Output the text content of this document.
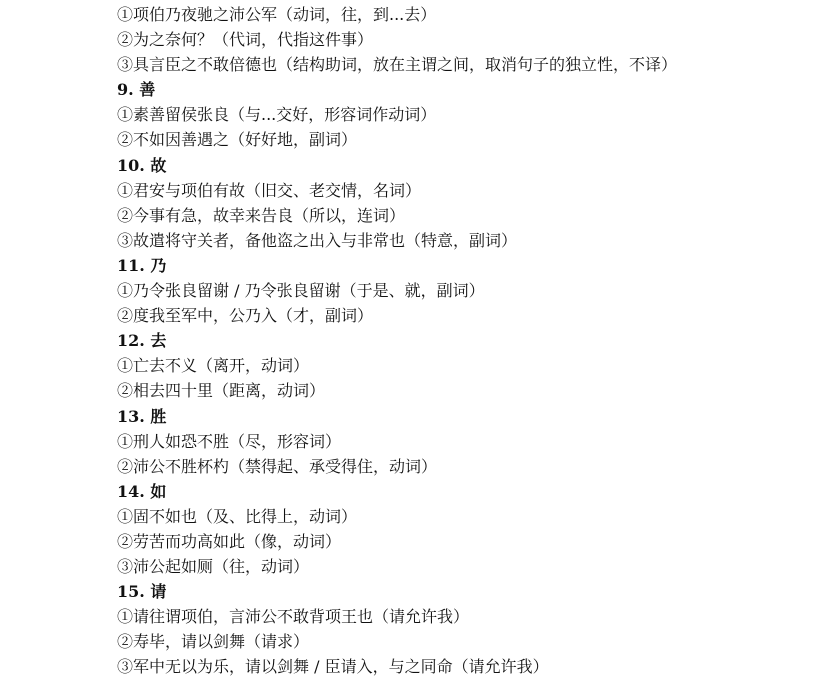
①项伯乃夜驰之沛公军（动词，往，到...去）
②为之奈何？（代词，代指这件事）
③具言臣之不敢倍德也（结构助词，放在主谓之间，取消句子的独立性，不译）
9. 善
①素善留侯张良（与...交好，形容词作动词）
②不如因善遇之（好好地，副词）
10. 故
①君安与项伯有故（旧交、老交情，名词）
②今事有急，故幸来告良（所以，连词）
③故遣将守关者，备他盗之出入与非常也（特意，副词）
11. 乃
①乃令张良留谢 / 乃令张良留谢（于是、就，副词）
②度我至军中，公乃入（才，副词）
12. 去
①亡去不义（离开，动词）
②相去四十里（距离，动词）
13. 胜
①刑人如恐不胜（尽，形容词）
②沛公不胜杯杓（禁得起、承受得住，动词）
14. 如
①固不如也（及、比得上，动词）
②劳苦而功高如此（像，动词）
③沛公起如厕（往，动词）
15. 请
①请往谓项伯，言沛公不敢背项王也（请允许我）
②寿毕，请以剑舞（请求）
③军中无以为乐，请以剑舞 / 臣请入，与之同命（请允许我）
